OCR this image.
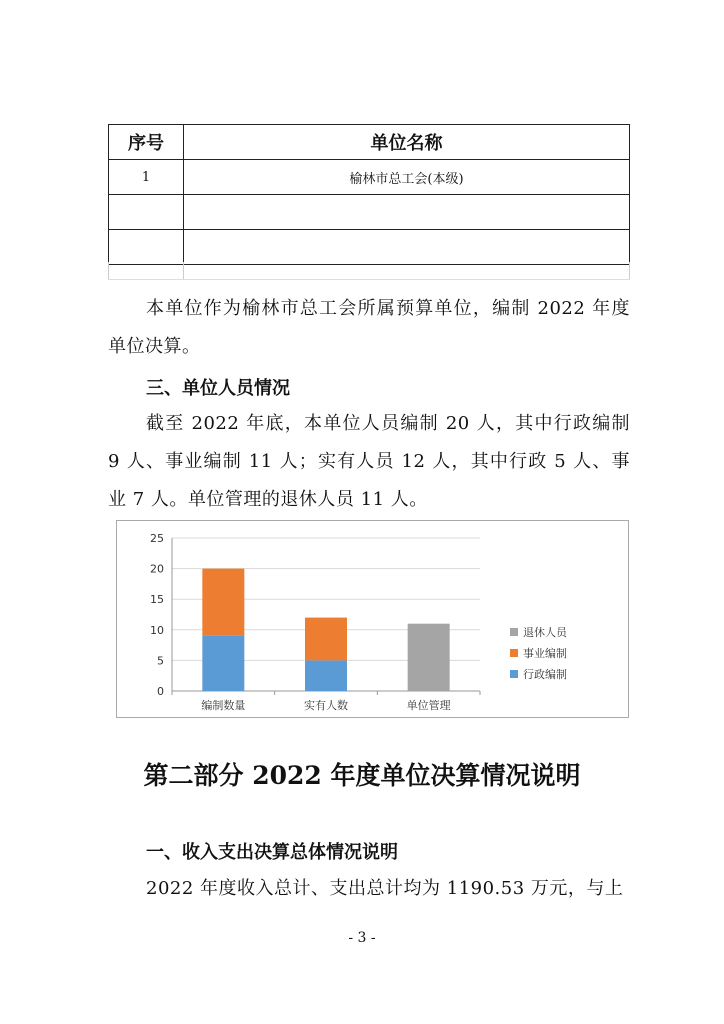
序号	单位名称
1	榆林市总工会(本级)

本单位作为榆林市总工会所属预算单位，编制 2022 年度单位决算。
三、单位人员情况
截至 2022 年底，本单位人员编制 20 人，其中行政编制 9 人、事业编制 11 人；实有人员 12 人，其中行政 5 人、事业 7 人。单位管理的退休人员 11 人。
0
5
10
15
20
25
编制数量	实有人数	单位管理
退休人员
事业编制
行政编制
第二部分 2022 年度单位决算情况说明
一、收入支出决算总体情况说明
2022 年度收入总计、支出总计均为 1190.53 万元，与上
- 3 -
